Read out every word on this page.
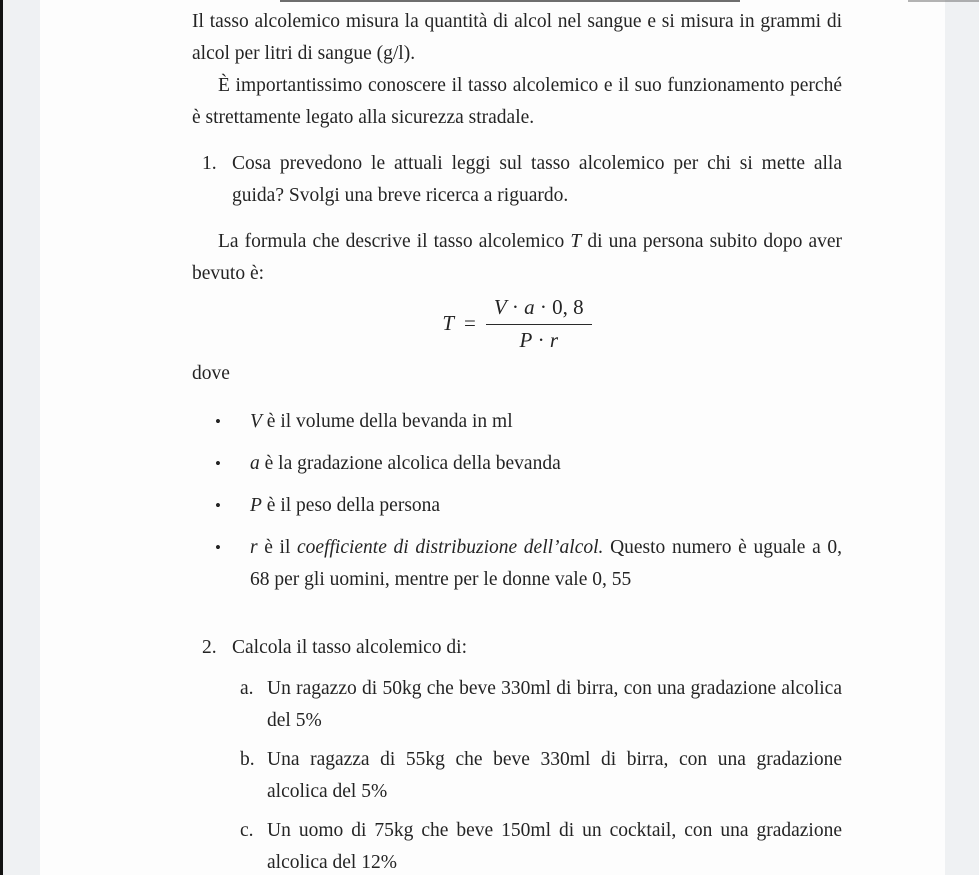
Il tasso alcolemico misura la quantità di alcol nel sangue e si misura in grammi di alcol per litri di sangue (g/l).

È importantissimo conoscere il tasso alcolemico e il suo funzionamento perché è strettamente legato alla sicurezza stradale.

1. Cosa prevedono le attuali leggi sul tasso alcolemico per chi si mette alla guida? Svolgi una breve ricerca a riguardo.

La formula che descrive il tasso alcolemico T di una persona subito dopo aver bevuto è:

$T = \frac{V \cdot a \cdot 0, 8}{P \cdot r}$

dove

•	V è il volume della bevanda in ml
•	a è la gradazione alcolica della bevanda
•	P è il peso della persona
•	r è il coefficiente di distribuzione dell’alcol. Questo numero è uguale a 0, 68 per gli uomini, mentre per le donne vale 0, 55
2. Calcola il tasso alcolemico di:
a. Un ragazzo di 50kg che beve 330ml di birra, con una gradazione alcolica del 5%
b. Una ragazza di 55kg che beve 330ml di birra, con una gradazione alcolica del 5%
c. Un uomo di 75kg che beve 150ml di un cocktail, con una gradazione alcolica del 12%
